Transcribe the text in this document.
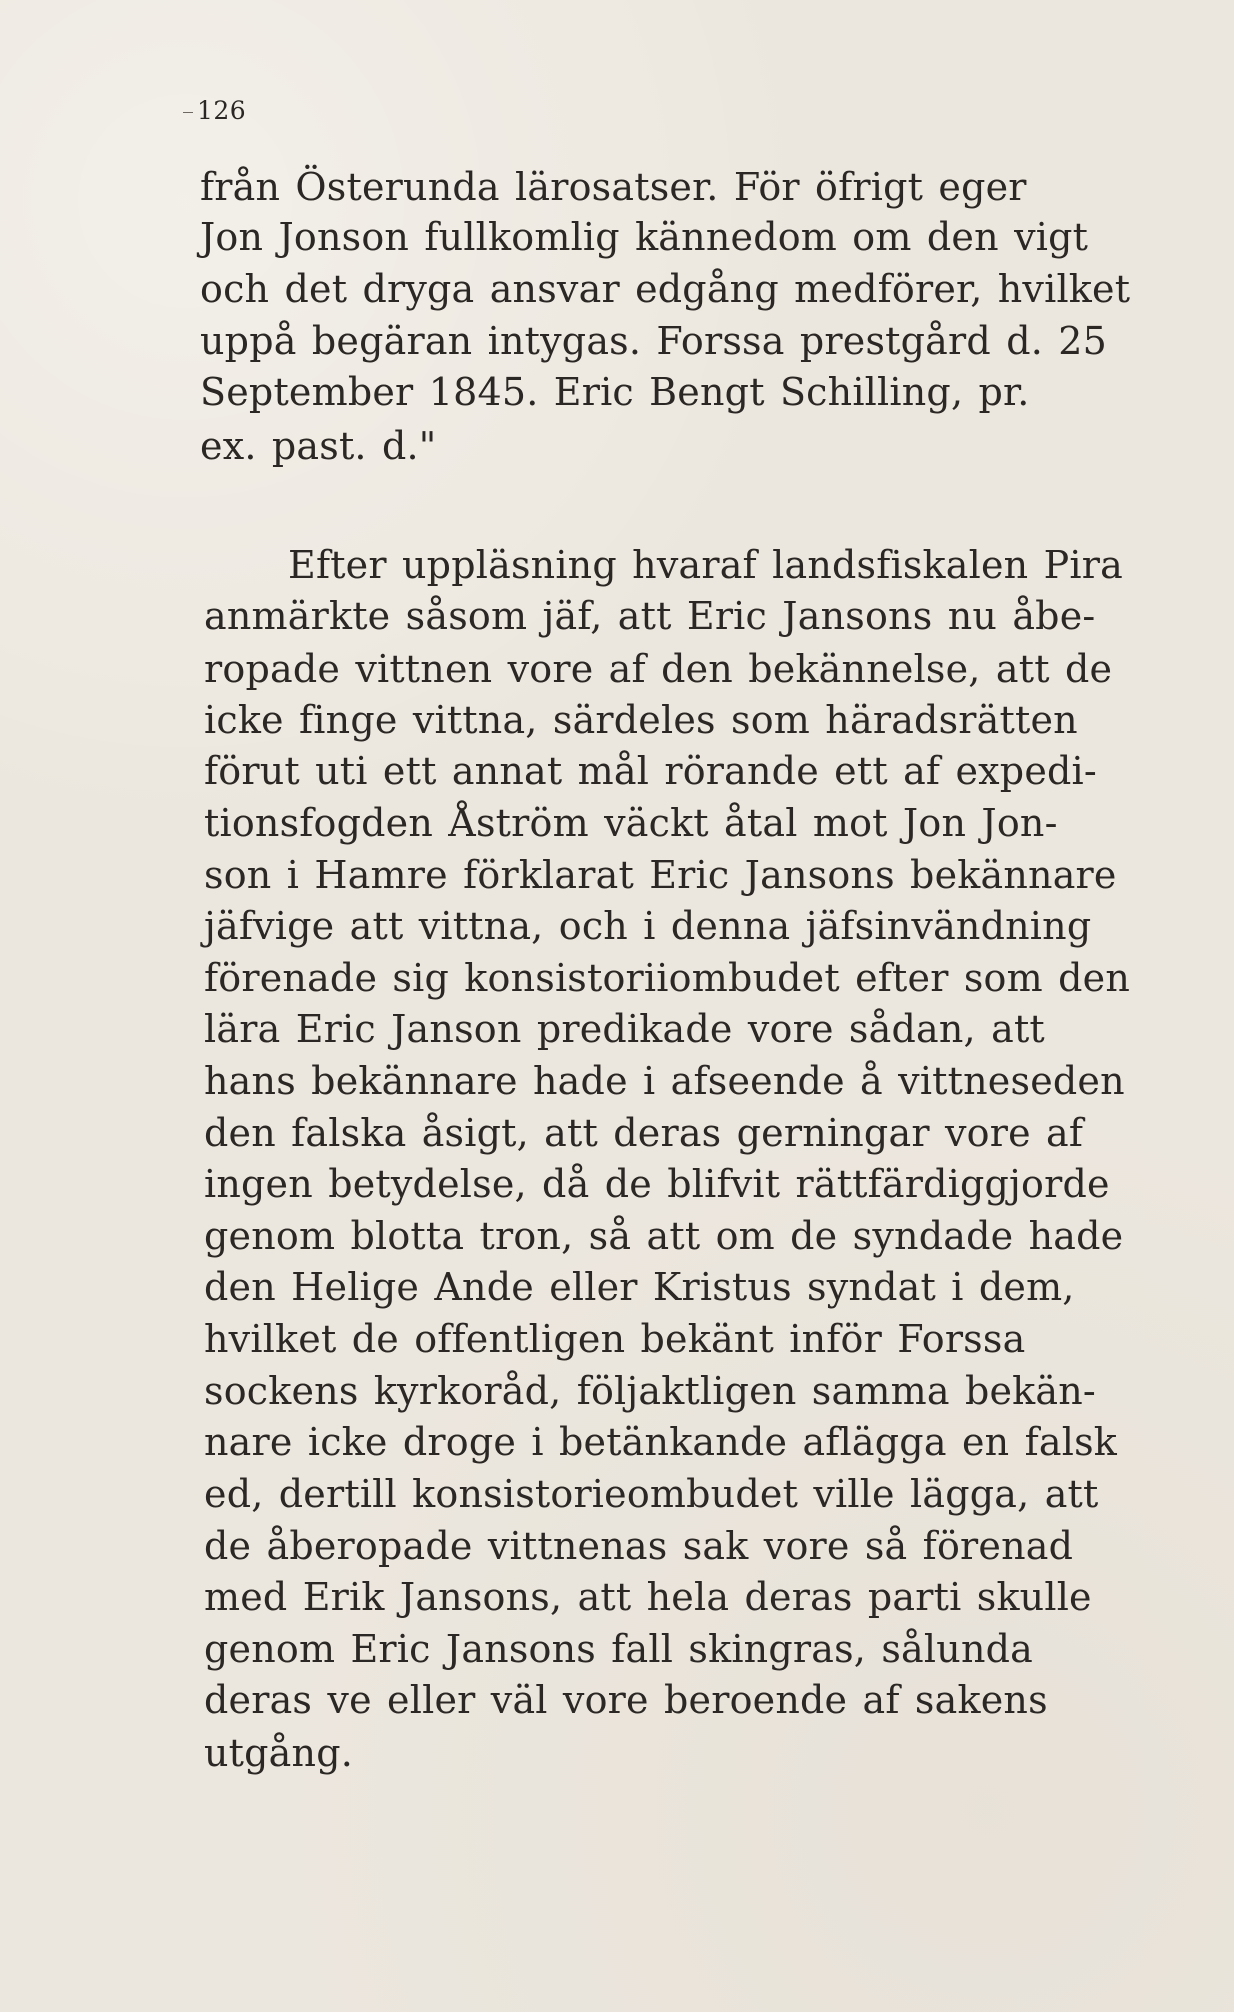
126
från Österunda lärosatser. För öfrigt eger
Jon Jonson fullkomlig kännedom om den vigt
och det dryga ansvar edgång medförer, hvilket
uppå begäran intygas. Forssa prestgård d. 25
September 1845. Eric Bengt Schilling, pr.
ex. past. d."
Efter uppläsning hvaraf landsfiskalen Pira
anmärkte såsom jäf, att Eric Jansons nu åbe-
ropade vittnen vore af den bekännelse, att de
icke finge vittna, särdeles som häradsrätten
förut uti ett annat mål rörande ett af expedi-
tionsfogden Åström väckt åtal mot Jon Jon-
son i Hamre förklarat Eric Jansons bekännare
jäfvige att vittna, och i denna jäfsinvändning
förenade sig konsistoriiombudet efter som den
lära Eric Janson predikade vore sådan, att
hans bekännare hade i afseende å vittneseden
den falska åsigt, att deras gerningar vore af
ingen betydelse, då de blifvit rättfärdiggjorde
genom blotta tron, så att om de syndade hade
den Helige Ande eller Kristus syndat i dem,
hvilket de offentligen bekänt inför Forssa
sockens kyrkoråd, följaktligen samma bekän-
nare icke droge i betänkande aflägga en falsk
ed, dertill konsistorieombudet ville lägga, att
de åberopade vittnenas sak vore så förenad
med Erik Jansons, att hela deras parti skulle
genom Eric Jansons fall skingras, sålunda
deras ve eller väl vore beroende af sakens
utgång.
